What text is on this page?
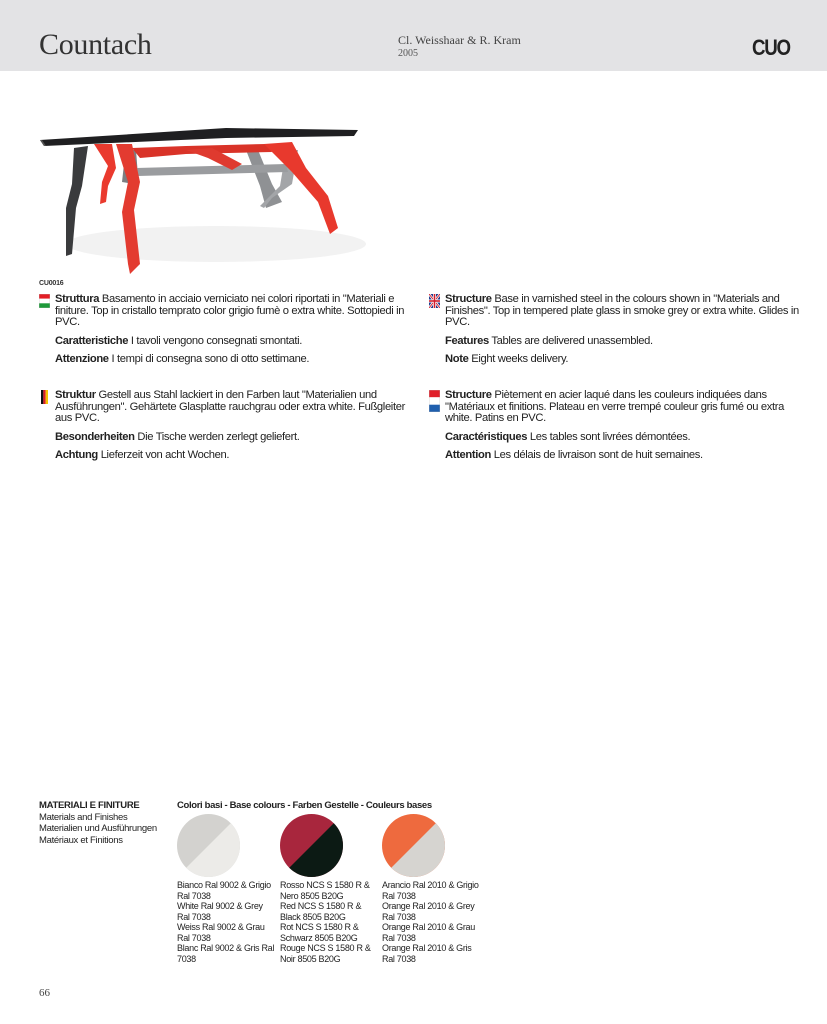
Countach	Cl. Weisshaar & R. Kram
2005	CUO
CU0016

Struttura Basamento in acciaio verniciato nei colori riportati in "Materiali e finiture. Top in cristallo temprato color grigio fumè o extra white. Sottopiedi in PVC.

Caratteristiche I tavoli vengono consegnati smontati.

Attenzione I tempi di consegna sono di otto settimane.

Structure Base in varnished steel in the colours shown in "Materials and Finishes". Top in tempered plate glass in smoke grey or extra white. Glides in PVC.

Features Tables are delivered unassembled.

Note Eight weeks delivery.

Struktur Gestell aus Stahl lackiert in den Farben laut "Materialien und Ausführungen". Gehärtete Glasplatte rauchgrau oder extra white. Fußgleiter aus PVC.

Besonderheiten Die Tische werden zerlegt geliefert.

Achtung Lieferzeit von acht Wochen.

Structure Piètement en acier laqué dans les couleurs indiquées dans "Matériaux et finitions. Plateau en verre trempé couleur gris fumé ou extra white. Patins en PVC.

Caractéristiques Les tables sont livrées démontées.

Attention Les délais de livraison sont de huit semaines.

MATERIALI E FINITURE
Materials and Finishes
Materialien und Ausführungen
Matériaux et Finitions
Colori basi - Base colours - Farben Gestelle - Couleurs bases
Bianco Ral 9002 & Grigio Ral 7038
White Ral 9002 & Grey Ral 7038
Weiss Ral 9002 & Grau Ral 7038
Blanc Ral 9002 & Gris Ral 7038
Rosso NCS S 1580 R & Nero 8505 B20G
Red NCS S 1580 R & Black 8505 B20G
Rot NCS S 1580 R & Schwarz 8505 B20G
Rouge NCS S 1580 R & Noir 8505 B20G
Arancio Ral 2010 & Grigio Ral 7038
Orange Ral 2010 & Grey Ral 7038
Orange Ral 2010 & Grau Ral 7038
Orange Ral 2010 & Gris Ral 7038
66
